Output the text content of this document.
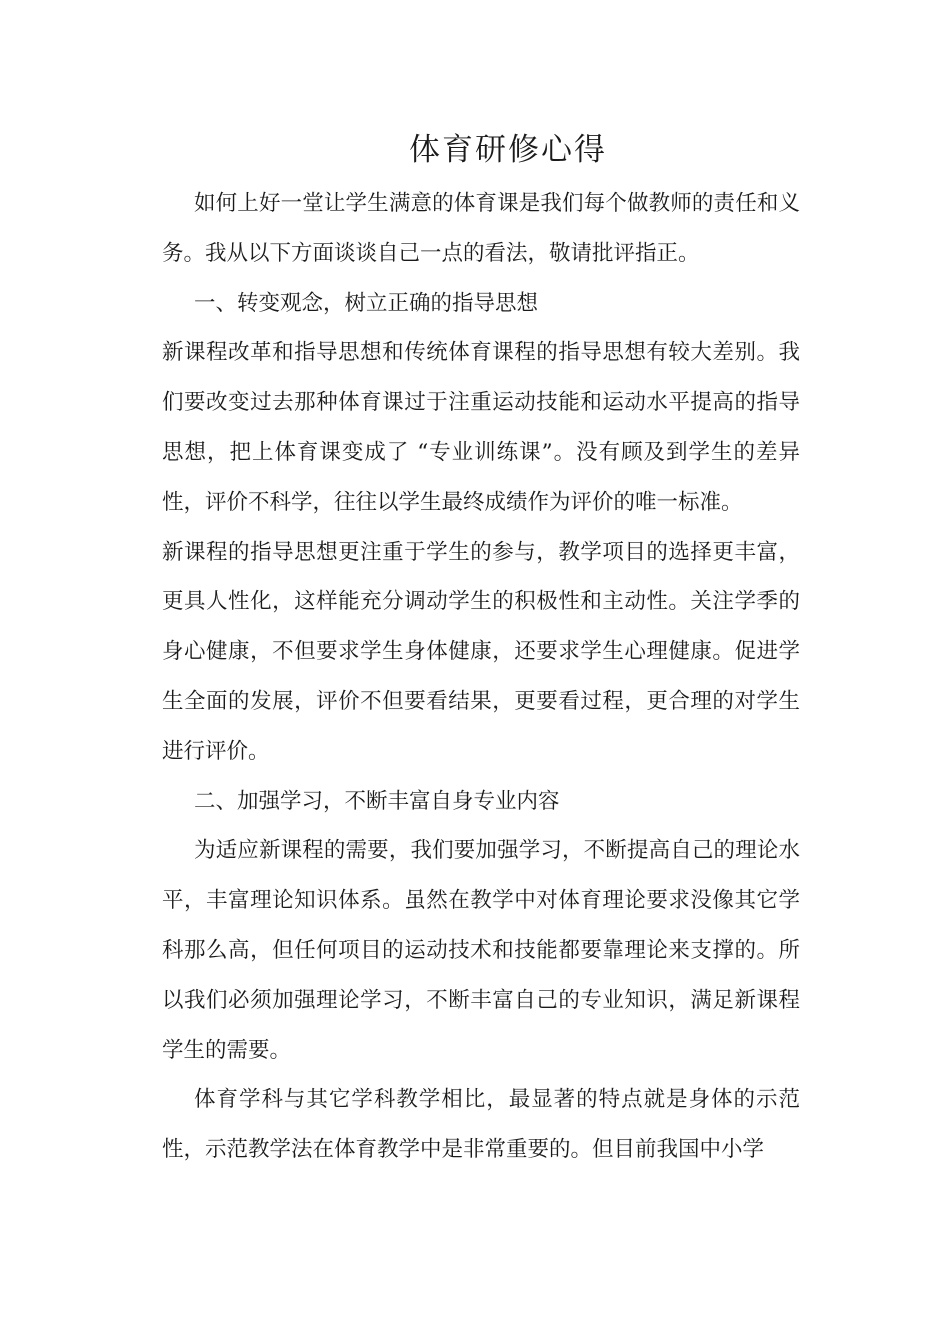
体育研修心得

如何上好一堂让学生满意的体育课是我们每个做教师的责任和义务。我从以下方面谈谈自己一点的看法，敬请批评指正。

一、转变观念，树立正确的指导思想

新课程改革和指导思想和传统体育课程的指导思想有较大差别。我们要改变过去那种体育课过于注重运动技能和运动水平提高的指导思想，把上体育课变成了 “专业训练课”。没有顾及到学生的差异性，评价不科学，往往以学生最终成绩作为评价的唯一标准。

新课程的指导思想更注重于学生的参与，教学项目的选择更丰富，更具人性化，这样能充分调动学生的积极性和主动性。关注学季的身心健康，不但要求学生身体健康，还要求学生心理健康。促进学生全面的发展，评价不但要看结果，更要看过程，更合理的对学生进行评价。

二、加强学习，不断丰富自身专业内容

为适应新课程的需要，我们要加强学习，不断提高自己的理论水平，丰富理论知识体系。虽然在教学中对体育理论要求没像其它学科那么高，但任何项目的运动技术和技能都要靠理论来支撑的。所以我们必须加强理论学习，不断丰富自己的专业知识，满足新课程学生的需要。

体育学科与其它学科教学相比，最显著的特点就是身体的示范性，示范教学法在体育教学中是非常重要的。但目前我国中小学
